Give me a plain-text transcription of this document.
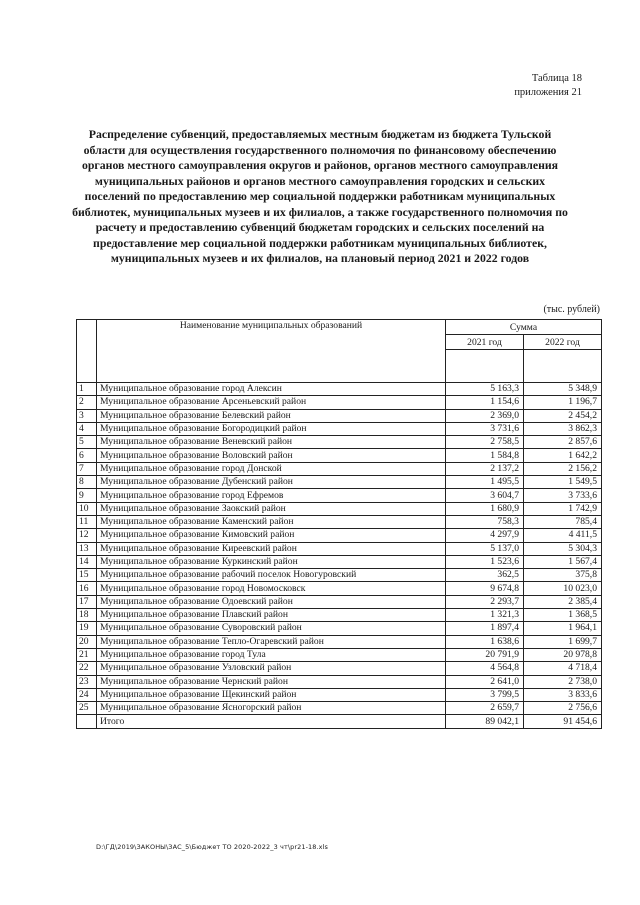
Таблица 18
приложения 21
Распределение субвенций, предоставляемых местным бюджетам из бюджета Тульской области для осуществления государственного полномочия по финансовому обеспечению органов местного самоуправления округов и районов, органов местного самоуправления муниципальных районов и органов местного самоуправления городских и сельских поселений по предоставлению мер социальной поддержки работникам муниципальных библиотек, муниципальных музеев и их филиалов, а также государственного полномочия по расчету и предоставлению субвенций бюджетам городских и сельских поселений на предоставление мер социальной поддержки работникам муниципальных библиотек, муниципальных музеев и их филиалов, на плановый период 2021 и 2022 годов
(тыс. рублей)
	Наименование муниципальных образований	Сумма	
		2021 год	2022 год

1	Муниципальное образование город Алексин	5 163,3	5 348,9
2	Муниципальное образование Арсеньевский район	1 154,6	1 196,7
3	Муниципальное образование Белевский район	2 369,0	2 454,2
4	Муниципальное образование Богородицкий район	3 731,6	3 862,3
5	Муниципальное образование Веневский район	2 758,5	2 857,6
6	Муниципальное образование Воловский район	1 584,8	1 642,2
7	Муниципальное образование город Донской	2 137,2	2 156,2
8	Муниципальное образование Дубенский район	1 495,5	1 549,5
9	Муниципальное образование город Ефремов	3 604,7	3 733,6
10	Муниципальное образование Заокский район	1 680,9	1 742,9
11	Муниципальное образование Каменский район	758,3	785,4
12	Муниципальное образование Кимовский район	4 297,9	4 411,5
13	Муниципальное образование Киреевский район	5 137,0	5 304,3
14	Муниципальное образование Куркинский район	1 523,6	1 567,4
15	Муниципальное образование рабочий поселок Новогуровский	362,5	375,8
16	Муниципальное образование город Новомосковск	9 674,8	10 023,0
17	Муниципальное образование Одоевский район	2 293,7	2 385,4
18	Муниципальное образование Плавский район	1 321,3	1 368,5
19	Муниципальное образование Суворовский район	1 897,4	1 964,1
20	Муниципальное образование Тепло-Огаревский район	1 638,6	1 699,7
21	Муниципальное образование город Тула	20 791,9	20 978,8
22	Муниципальное образование Узловский район	4 564,8	4 718,4
23	Муниципальное образование Чернский район	2 641,0	2 738,0
24	Муниципальное образование Щекинский район	3 799,5	3 833,6
25	Муниципальное образование Ясногорский район	2 659,7	2 756,6
	Итого	89 042,1	91 454,6
D:\ГД\2019\ЗАКОНЫ\ЗАС_5\Бюджет ТО 2020-2022_3 чт\pr21-18.xls
